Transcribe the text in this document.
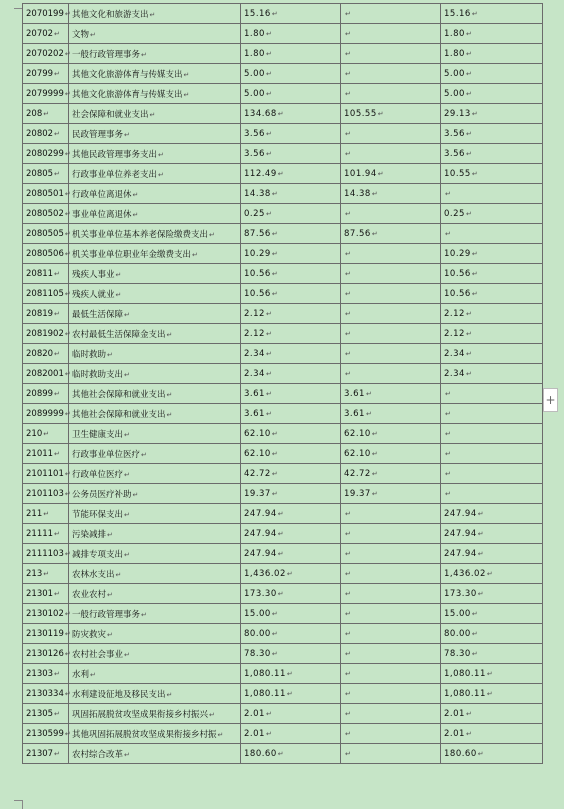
2070199↵	其他文化和旅游支出↵	15.16↵	↵	15.16↵
20702↵	文物↵	1.80↵	↵	1.80↵
2070202↵	一般行政管理事务↵	1.80↵	↵	1.80↵
20799↵	其他文化旅游体育与传媒支出↵	5.00↵	↵	5.00↵
2079999↵	其他文化旅游体育与传媒支出↵	5.00↵	↵	5.00↵
208↵	社会保障和就业支出↵	134.68↵	105.55↵	29.13↵
20802↵	民政管理事务↵	3.56↵	↵	3.56↵
2080299↵	其他民政管理事务支出↵	3.56↵	↵	3.56↵
20805↵	行政事业单位养老支出↵	112.49↵	101.94↵	10.55↵
2080501↵	行政单位离退休↵	14.38↵	14.38↵	↵
2080502↵	事业单位离退休↵	0.25↵	↵	0.25↵
2080505↵	机关事业单位基本养老保险缴费支出↵	87.56↵	87.56↵	↵
2080506↵	机关事业单位职业年金缴费支出↵	10.29↵	↵	10.29↵
20811↵	残疾人事业↵	10.56↵	↵	10.56↵
2081105↵	残疾人就业↵	10.56↵	↵	10.56↵
20819↵	最低生活保障↵	2.12↵	↵	2.12↵
2081902↵	农村最低生活保障金支出↵	2.12↵	↵	2.12↵
20820↵	临时救助↵	2.34↵	↵	2.34↵
2082001↵	临时救助支出↵	2.34↵	↵	2.34↵
20899↵	其他社会保障和就业支出↵	3.61↵	3.61↵	↵
2089999↵	其他社会保障和就业支出↵	3.61↵	3.61↵	↵
210↵	卫生健康支出↵	62.10↵	62.10↵	↵
21011↵	行政事业单位医疗↵	62.10↵	62.10↵	↵
2101101↵	行政单位医疗↵	42.72↵	42.72↵	↵
2101103↵	公务员医疗补助↵	19.37↵	19.37↵	↵
211↵	节能环保支出↵	247.94↵	↵	247.94↵
21111↵	污染减排↵	247.94↵	↵	247.94↵
2111103↵	减排专项支出↵	247.94↵	↵	247.94↵
213↵	农林水支出↵	1,436.02↵	↵	1,436.02↵
21301↵	农业农村↵	173.30↵	↵	173.30↵
2130102↵	一般行政管理事务↵	15.00↵	↵	15.00↵
2130119↵	防灾救灾↵	80.00↵	↵	80.00↵
2130126↵	农村社会事业↵	78.30↵	↵	78.30↵
21303↵	水利↵	1,080.11↵	↵	1,080.11↵
2130334↵	水利建设征地及移民支出↵	1,080.11↵	↵	1,080.11↵
21305↵	巩固拓展脱贫攻坚成果衔接乡村振兴↵	2.01↵	↵	2.01↵
2130599↵	其他巩固拓展脱贫攻坚成果衔接乡村振↵	2.01↵	↵	2.01↵
21307↵	农村综合改革↵	180.60↵	↵	180.60↵
+
